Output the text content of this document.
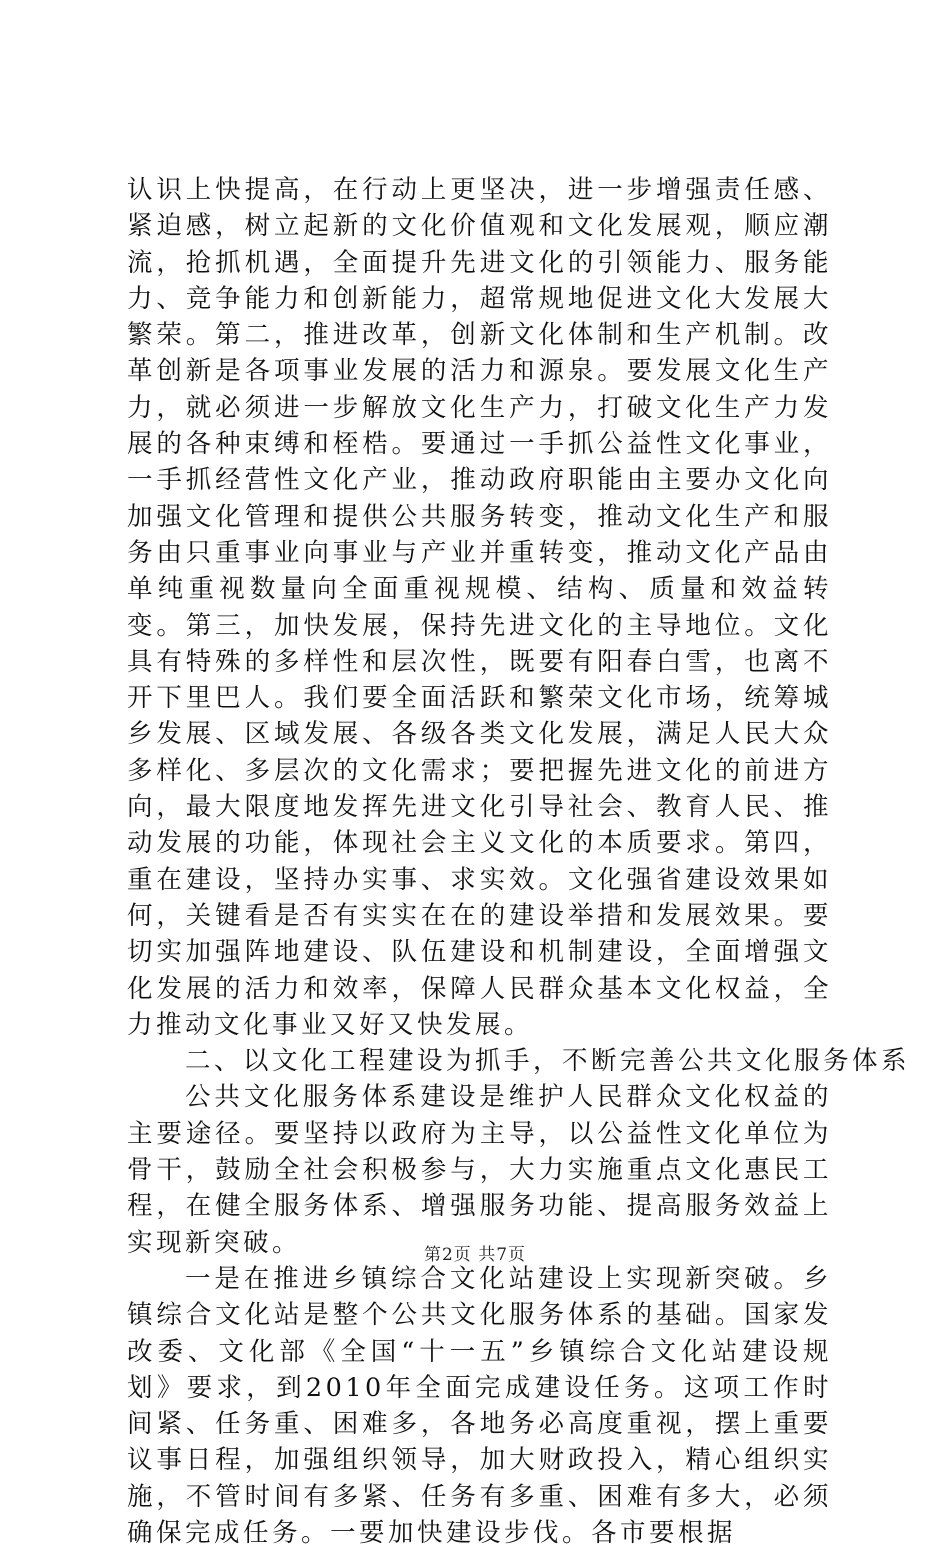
认识上快提高，在行动上更坚决，进一步增强责任感、紧迫感，树立起新的文化价值观和文化发展观，顺应潮流，抢抓机遇，全面提升先进文化的引领能力、服务能力、竞争能力和创新能力，超常规地促进文化大发展大繁荣。第二，推进改革，创新文化体制和生产机制。改革创新是各项事业发展的活力和源泉。要发展文化生产力，就必须进一步解放文化生产力，打破文化生产力发展的各种束缚和桎梏。要通过一手抓公益性文化事业，一手抓经营性文化产业，推动政府职能由主要办文化向加强文化管理和提供公共服务转变，推动文化生产和服务由只重事业向事业与产业并重转变，推动文化产品由单纯重视数量向全面重视规模、结构、质量和效益转变。第三，加快发展，保持先进文化的主导地位。文化具有特殊的多样性和层次性，既要有阳春白雪，也离不开下里巴人。我们要全面活跃和繁荣文化市场，统筹城乡发展、区域发展、各级各类文化发展，满足人民大众多样化、多层次的文化需求；要把握先进文化的前进方向，最大限度地发挥先进文化引导社会、教育人民、推动发展的功能，体现社会主义文化的本质要求。第四，重在建设，坚持办实事、求实效。文化强省建设效果如何，关键看是否有实实在在的建设举措和发展效果。要切实加强阵地建设、队伍建设和机制建设，全面增强文化发展的活力和效率，保障人民群众基本文化权益，全力推动文化事业又好又快发展。

二、以文化工程建设为抓手，不断完善公共文化服务体系

公共文化服务体系建设是维护人民群众文化权益的主要途径。要坚持以政府为主导，以公益性文化单位为骨干，鼓励全社会积极参与，大力实施重点文化惠民工程，在健全服务体系、增强服务功能、提高服务效益上实现新突破。

一是在推进乡镇综合文化站建设上实现新突破。乡镇综合文化站是整个公共文化服务体系的基础。国家发改委、文化部《全国“十一五”乡镇综合文化站建设规划》要求，到2010年全面完成建设任务。这项工作时间紧、任务重、困难多，各地务必高度重视，摆上重要议事日程，加强组织领导，加大财政投入，精心组织实施，不管时间有多紧、任务有多重、困难有多大，必须确保完成任务。一要加快建设步伐。各市要根据

第2页 共7页
